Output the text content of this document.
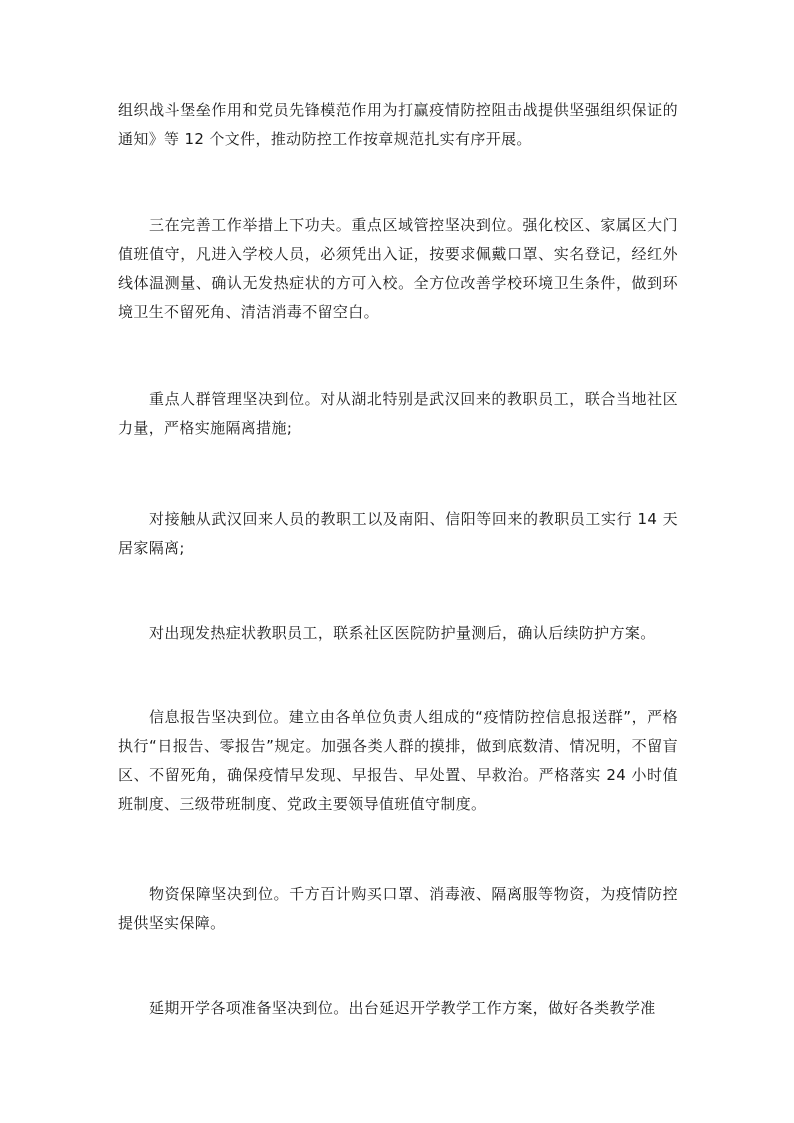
组织战斗堡垒作用和党员先锋模范作用为打赢疫情防控阻击战提供坚强组织保证的通知》等 12 个文件，推动防控工作按章规范扎实有序开展。

三在完善工作举措上下功夫。重点区域管控坚决到位。强化校区、家属区大门值班值守，凡进入学校人员，必须凭出入证，按要求佩戴口罩、实名登记，经红外线体温测量、确认无发热症状的方可入校。全方位改善学校环境卫生条件，做到环境卫生不留死角、清洁消毒不留空白。

重点人群管理坚决到位。对从湖北特别是武汉回来的教职员工，联合当地社区力量，严格实施隔离措施;

对接触从武汉回来人员的教职工以及南阳、信阳等回来的教职员工实行 14 天居家隔离;

对出现发热症状教职员工，联系社区医院防护量测后，确认后续防护方案。

信息报告坚决到位。建立由各单位负责人组成的“疫情防控信息报送群”，严格执行“日报告、零报告”规定。加强各类人群的摸排，做到底数清、情况明，不留盲区、不留死角，确保疫情早发现、早报告、早处置、早救治。严格落实 24 小时值班制度、三级带班制度、党政主要领导值班值守制度。

物资保障坚决到位。千方百计购买口罩、消毒液、隔离服等物资，为疫情防控提供坚实保障。

延期开学各项准备坚决到位。出台延迟开学教学工作方案，做好各类教学准
